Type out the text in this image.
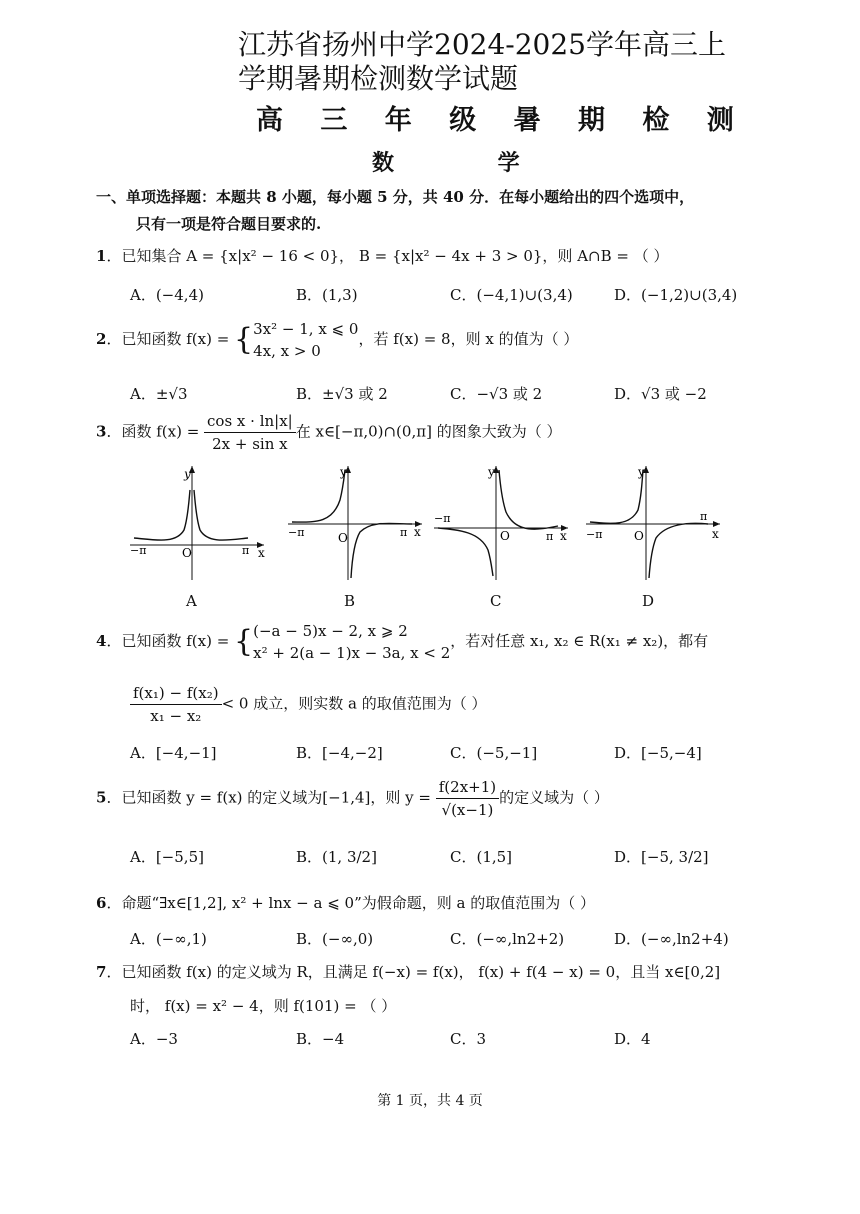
江苏省扬州中学2024-2025学年高三上
学期暑期检测数学试题
高 三 年 级 暑 期 检 测
数 学
一、单项选择题：本题共 8 小题，每小题 5 分，共 40 分．在每小题给出的四个选项中，
只有一项是符合题目要求的.
1．已知集合 A = {x|x² − 16 < 0}， B = {x|x² − 4x + 3 > 0}，则 A∩B = （ ）
A．(−4,4)	B．(1,3)	C．(−4,1)∪(3,4)	D．(−1,2)∪(3,4)
2．已知函数 f(x) = { 3x² − 1, x ⩽ 0
4x, x > 0
，若 f(x) = 8，则 x 的值为（ ）
A．±√3	B．±√3 或 2	C．−√3 或 2	D．√3 或 −2
3．函数 $f(x) = \frac{\text{cos x · ln|x|}}{\text{2x + sin x}}$ 在 x∈[−π,0)∩(0,π] 的图象大致为（ ）
y
x
O
−π	π
y
x
O
−π	π
y
x
O
−π
π
y
x
O
−π
π
A	B	C	D
4．已知函数 f(x) = { (−a − 5)x − 2, x ⩾ 2
x² + 2(a − 1)x − 3a, x < 2
，若对任意 x₁, x₂ ∈ R(x₁ ≠ x₂)，都有
$\frac{\text{f(x₁) − f(x₂)}}{\text{x₁ − x₂}} < 0$ 成立，则实数 a 的取值范围为（ ）
A．[−4,−1]	B．[−4,−2]	C．(−5,−1]	D．[−5,−4]
5．已知函数 y = f(x) 的定义域为[−1,4]，则 $y = \frac{f(2x+1)}{√(x-1)}$ 的定义域为（ ）
A．[−5,5]	B．(1, 3/2]	C．(1,5]	D．[−5, 3/2]
6．命题“∃x∈[1,2], x² + lnx − a ⩽ 0”为假命题，则 a 的取值范围为（ ）
A．(−∞,1)	B．(−∞,0)	C．(−∞,ln2+2)	D．(−∞,ln2+4)
7．已知函数 f(x) 的定义域为 R，且满足 f(−x) = f(x)， f(x) + f(4 − x) = 0，且当 x∈[0,2]
时， f(x) = x² − 4，则 f(101) = （ ）
A．−3	B．−4	C．3	D．4
第 1 页，共 4 页
